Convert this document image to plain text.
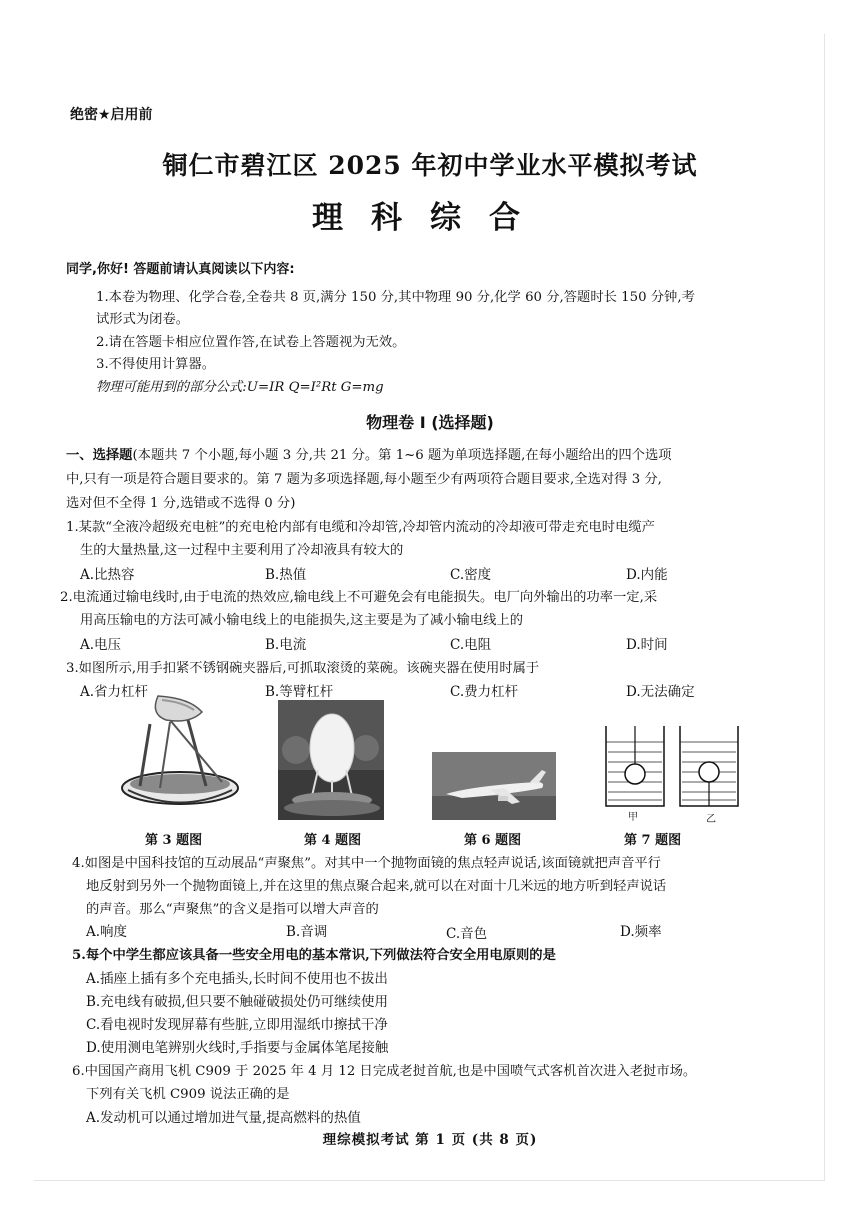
绝密★启用前
铜仁市碧江区 2025 年初中学业水平模拟考试
理科综合
同学,你好! 答题前请认真阅读以下内容:
1.本卷为物理、化学合卷,全卷共 8 页,满分 150 分,其中物理 90 分,化学 60 分,答题时长 150 分钟,考
试形式为闭卷。
2.请在答题卡相应位置作答,在试卷上答题视为无效。
3.不得使用计算器。
物理可能用到的部分公式:U=IR Q=I²Rt G=mg
物理卷 I (选择题)
一、选择题(本题共 7 个小题,每小题 3 分,共 21 分。第 1~6 题为单项选择题,在每小题给出的四个选项
中,只有一项是符合题目要求的。第 7 题为多项选择题,每小题至少有两项符合题目要求,全选对得 3 分,
选对但不全得 1 分,选错或不选得 0 分)
1.某款“全液冷超级充电桩”的充电枪内部有电缆和冷却管,冷却管内流动的冷却液可带走充电时电缆产
生的大量热量,这一过程中主要利用了冷却液具有较大的
A.比热容	B.热值	C.密度	D.内能
2.电流通过输电线时,由于电流的热效应,输电线上不可避免会有电能损失。电厂向外输出的功率一定,采
用高压输电的方法可减小输电线上的电能损失,这主要是为了减小输电线上的
A.电压	B.电流	C.电阻	D.时间
3.如图所示,用手扣紧不锈钢碗夹器后,可抓取滚烫的菜碗。该碗夹器在使用时属于
A.省力杠杆	B.等臂杠杆	C.费力杠杆	D.无法确定
第 3 题图	第 4 题图	第 6 题图
甲	乙
第 7 题图
4.如图是中国科技馆的互动展品“声聚焦”。对其中一个抛物面镜的焦点轻声说话,该面镜就把声音平行
地反射到另外一个抛物面镜上,并在这里的焦点聚合起来,就可以在对面十几米远的地方听到轻声说话
的声音。那么“声聚焦”的含义是指可以增大声音的
A.响度	B.音调	C.音色	D.频率
5.每个中学生都应该具备一些安全用电的基本常识,下列做法符合安全用电原则的是
A.插座上插有多个充电插头,长时间不使用也不拔出
B.充电线有破损,但只要不触碰破损处仍可继续使用
C.看电视时发现屏幕有些脏,立即用湿纸巾擦拭干净
D.使用测电笔辨别火线时,手指要与金属体笔尾接触
6.中国国产商用飞机 C909 于 2025 年 4 月 12 日完成老挝首航,也是中国喷气式客机首次进入老挝市场。
下列有关飞机 C909 说法正确的是
A.发动机可以通过增加进气量,提高燃料的热值
理综模拟考试 第 1 页 (共 8 页)
